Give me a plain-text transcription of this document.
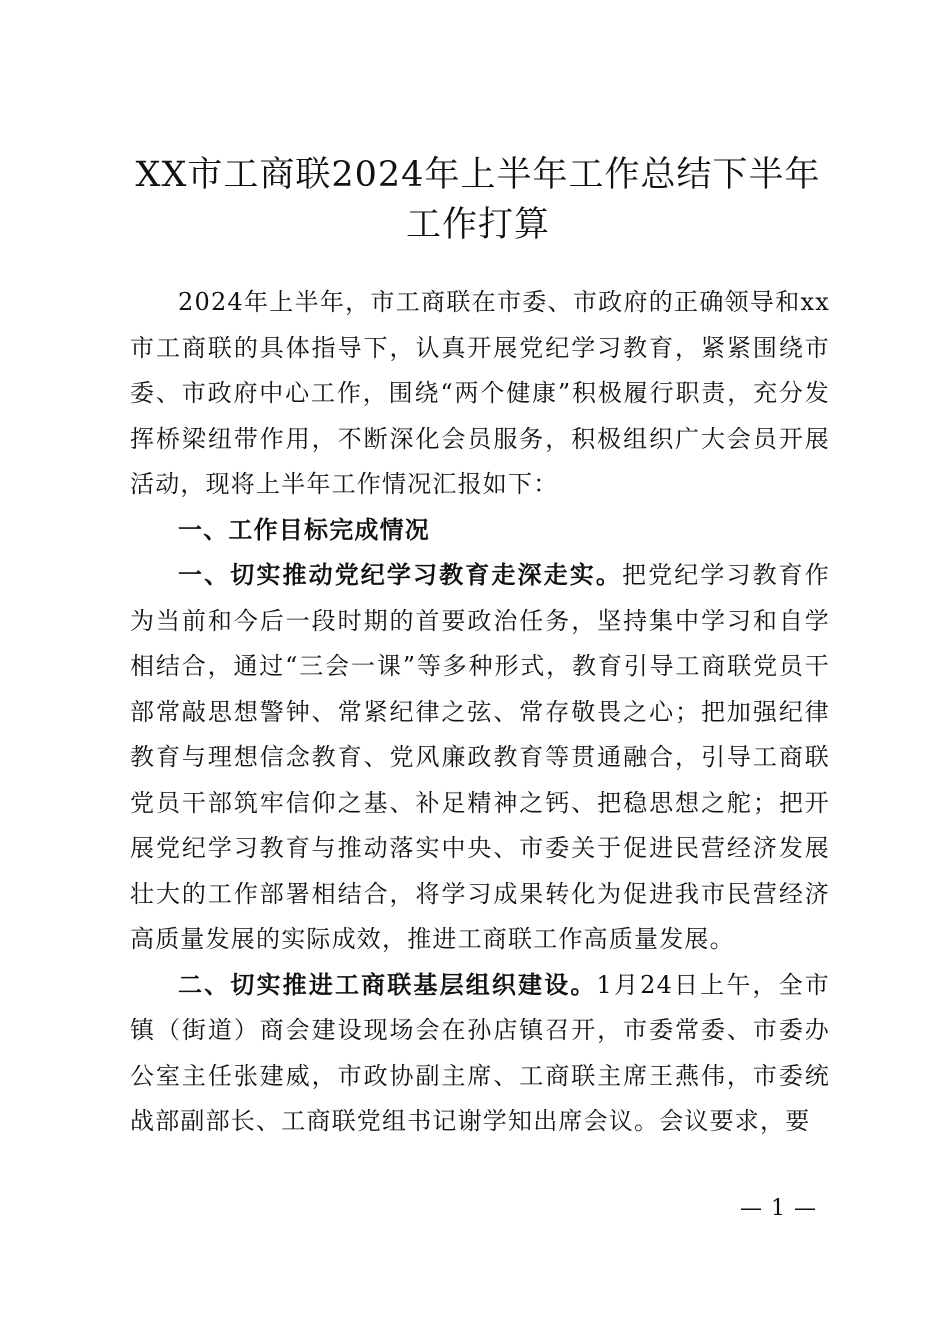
XX市工商联2024年上半年工作总结下半年工作打算

2024年上半年，市工商联在市委、市政府的正确领导和xx市工商联的具体指导下，认真开展党纪学习教育，紧紧围绕市委、市政府中心工作，围绕“两个健康”积极履行职责，充分发挥桥梁纽带作用，不断深化会员服务，积极组织广大会员开展活动，现将上半年工作情况汇报如下：

一、工作目标完成情况

一、切实推动党纪学习教育走深走实。把党纪学习教育作为当前和今后一段时期的首要政治任务，坚持集中学习和自学相结合，通过“三会一课”等多种形式，教育引导工商联党员干部常敲思想警钟、常紧纪律之弦、常存敬畏之心；把加强纪律教育与理想信念教育、党风廉政教育等贯通融合，引导工商联党员干部筑牢信仰之基、补足精神之钙、把稳思想之舵；把开展党纪学习教育与推动落实中央、市委关于促进民营经济发展壮大的工作部署相结合，将学习成果转化为促进我市民营经济高质量发展的实际成效，推进工商联工作高质量发展。

二、切实推进工商联基层组织建设。1月24日上午，全市镇（街道）商会建设现场会在孙店镇召开，市委常委、市委办公室主任张建威，市政协副主席、工商联主席王燕伟，市委统战部副部长、工商联党组书记谢学知出席会议。会议要求，要

— 1 —
